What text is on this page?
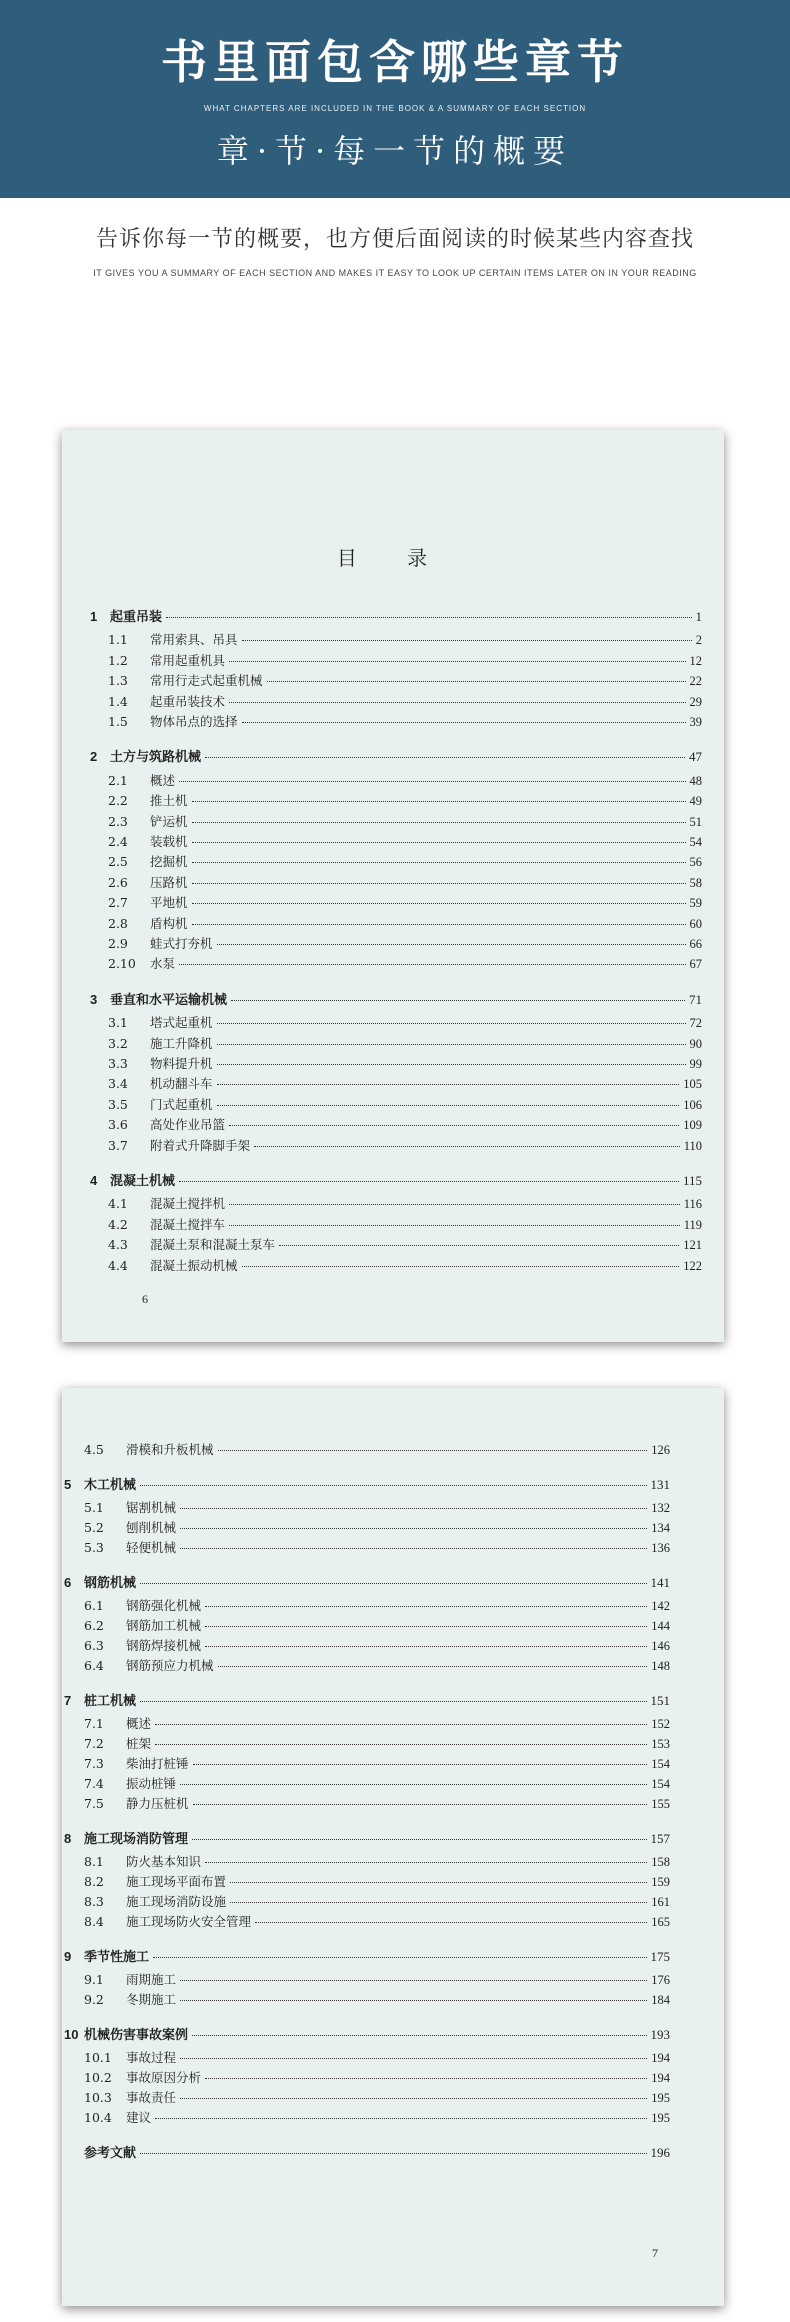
书里面包含哪些章节
WHAT CHAPTERS ARE INCLUDED IN THE BOOK & A SUMMARY OF EACH SECTION
章·节·每一节的概要
告诉你每一节的概要，也方便后面阅读的时候某些内容查找
IT GIVES YOU A SUMMARY OF EACH SECTION AND MAKES IT EASY TO LOOK UP CERTAIN ITEMS LATER ON IN YOUR READING
目 录
1 起重吊装	1
1.1	常用索具、吊具	2
1.2	常用起重机具	12
1.3	常用行走式起重机械	22
1.4	起重吊装技术	29
1.5	物体吊点的选择	39
2 土方与筑路机械	47
2.1	概述	48
2.2	推土机	49
2.3	铲运机	51
2.4	装载机	54
2.5	挖掘机	56
2.6	压路机	58
2.7	平地机	59
2.8	盾构机	60
2.9	蛙式打夯机	66
2.10	水泵	67
3 垂直和水平运输机械	71
3.1	塔式起重机	72
3.2	施工升降机	90
3.3	物料提升机	99
3.4	机动翻斗车	105
3.5	门式起重机	106
3.6	高处作业吊篮	109
3.7	附着式升降脚手架	110
4 混凝土机械	115
4.1	混凝土搅拌机	116
4.2	混凝土搅拌车	119
4.3	混凝土泵和混凝土泵车	121
4.4	混凝土振动机械	122
6
4.5	滑模和升板机械	126
5 木工机械	131
5.1	锯割机械	132
5.2	刨削机械	134
5.3	轻便机械	136
6 钢筋机械	141
6.1	钢筋强化机械	142
6.2	钢筋加工机械	144
6.3	钢筋焊接机械	146
6.4	钢筋预应力机械	148
7 桩工机械	151
7.1	概述	152
7.2	桩架	153
7.3	柴油打桩锤	154
7.4	振动桩锤	154
7.5	静力压桩机	155
8 施工现场消防管理	157
8.1	防火基本知识	158
8.2	施工现场平面布置	159
8.3	施工现场消防设施	161
8.4	施工现场防火安全管理	165
9 季节性施工	175
9.1	雨期施工	176
9.2	冬期施工	184
10 机械伤害事故案例	193
10.1	事故过程	194
10.2	事故原因分析	194
10.3	事故责任	195
10.4	建议	195
参考文献	196
7
